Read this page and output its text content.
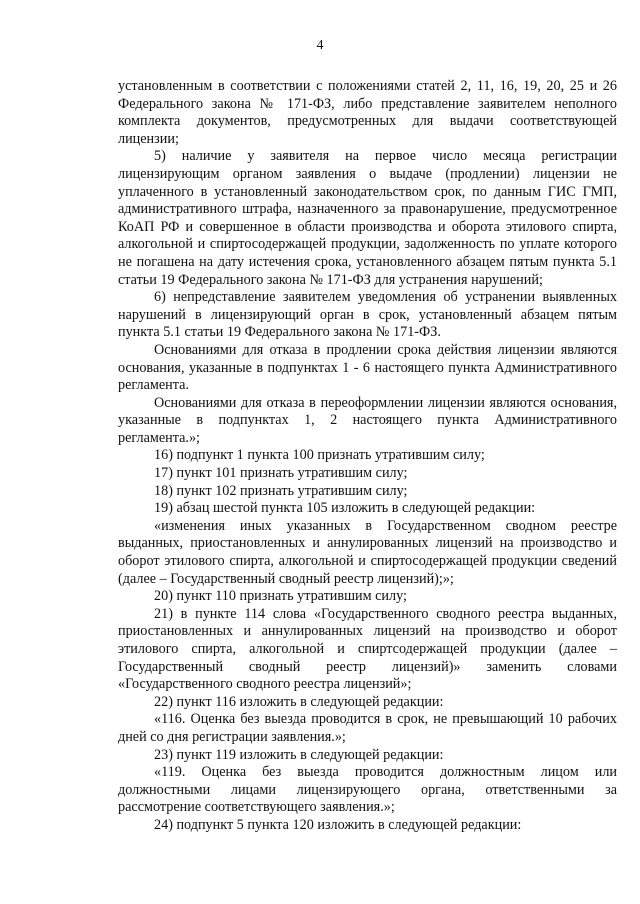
4

установленным в соответствии с положениями статей 2, 11, 16, 19, 20, 25 и 26 Федерального закона № 171-ФЗ, либо представление заявителем неполного комплекта документов, предусмотренных для выдачи соответствующей лицензии;

5) наличие у заявителя на первое число месяца регистрации лицензирующим органом заявления о выдаче (продлении) лицензии не уплаченного в установленный законодательством срок, по данным ГИС ГМП, административного штрафа, назначенного за правонарушение, предусмотренное КоАП РФ и совершенное в области производства и оборота этилового спирта, алкогольной и спиртосодержащей продукции, задолженность по уплате которого не погашена на дату истечения срока, установленного абзацем пятым пункта 5.1 статьи 19 Федерального закона № 171-ФЗ для устранения нарушений;

6) непредставление заявителем уведомления об устранении выявленных нарушений в лицензирующий орган в срок, установленный абзацем пятым пункта 5.1 статьи 19 Федерального закона № 171-ФЗ.

Основаниями для отказа в продлении срока действия лицензии являются основания, указанные в подпунктах 1 - 6 настоящего пункта Административного регламента.

Основаниями для отказа в переоформлении лицензии являются основания, указанные в подпунктах 1, 2 настоящего пункта Административного регламента.»;

16) подпункт 1 пункта 100 признать утратившим силу;

17) пункт 101 признать утратившим силу;

18) пункт 102 признать утратившим силу;

19) абзац шестой пункта 105 изложить в следующей редакции:

«изменения иных указанных в Государственном сводном реестре выданных, приостановленных и аннулированных лицензий на производство и оборот этилового спирта, алкогольной и спиртосодержащей продукции сведений (далее – Государственный сводный реестр лицензий);»;

20) пункт 110 признать утратившим силу;

21) в пункте 114 слова «Государственного сводного реестра выданных, приостановленных и аннулированных лицензий на производство и оборот этилового спирта, алкогольной и спиртсодержащей продукции (далее – Государственный сводный реестр лицензий)» заменить словами «Государственного сводного реестра лицензий»;

22) пункт 116 изложить в следующей редакции:

«116. Оценка без выезда проводится в срок, не превышающий 10 рабочих дней со дня регистрации заявления.»;

23) пункт 119 изложить в следующей редакции:

«119. Оценка без выезда проводится должностным лицом или должностными лицами лицензирующего органа, ответственными за рассмотрение соответствующего заявления.»;

24) подпункт 5 пункта 120 изложить в следующей редакции:
